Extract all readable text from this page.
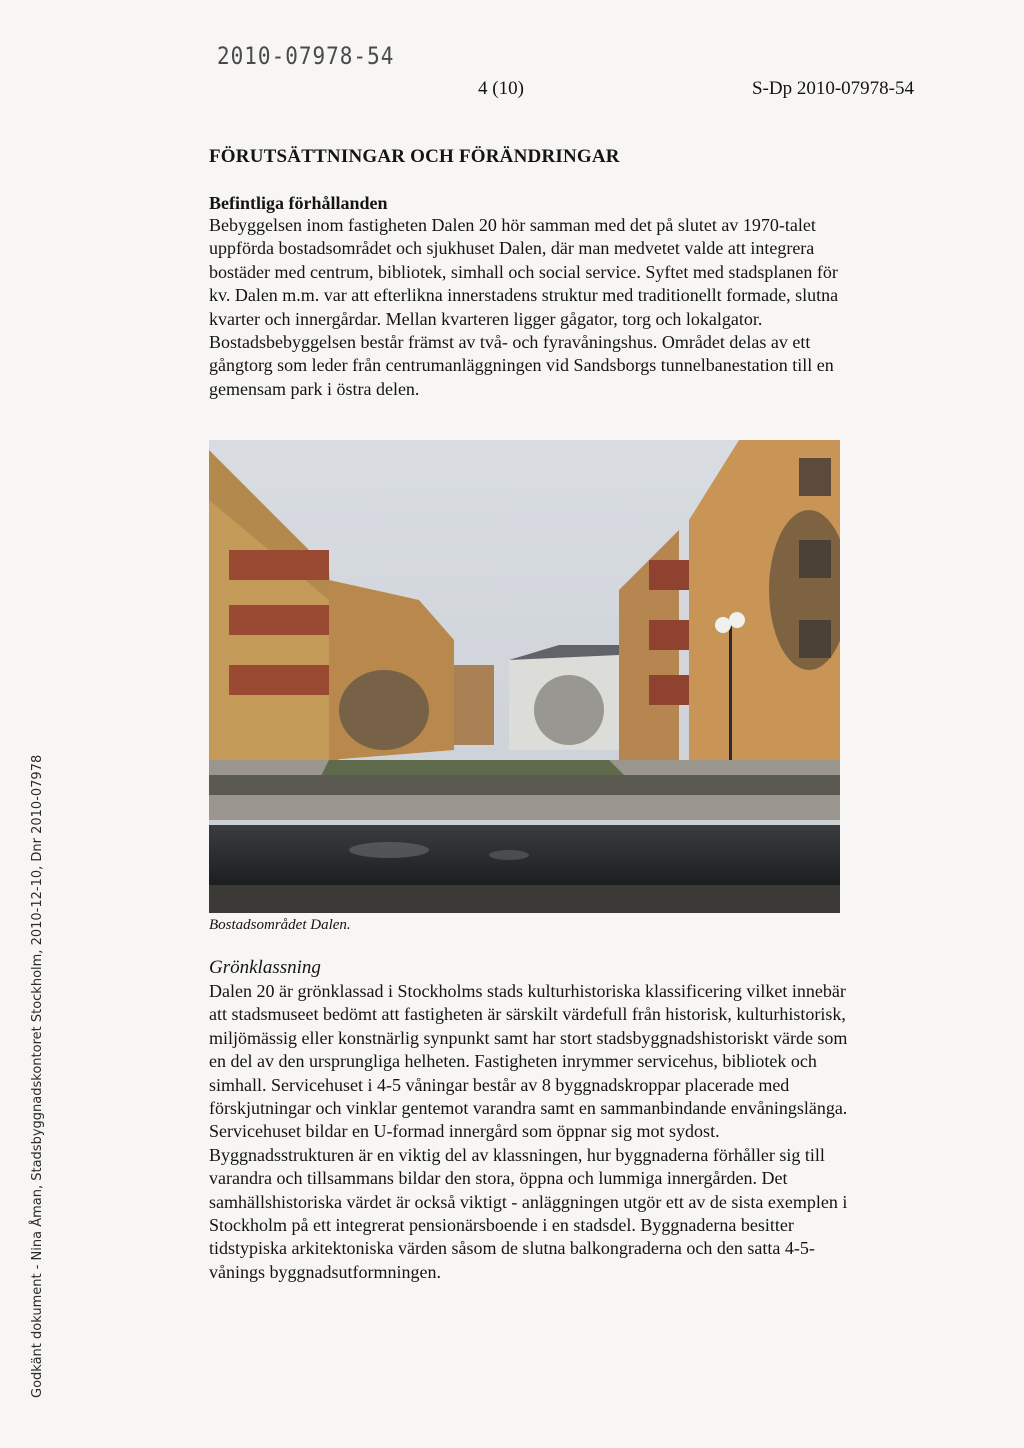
2010-07978-54
4 (10)	S-Dp 2010-07978-54
FÖRUTSÄTTNINGAR OCH FÖRÄNDRINGAR
Befintliga förhållanden

Bebyggelsen inom fastigheten Dalen 20 hör samman med det på slutet av 1970-talet uppförda bostadsområdet och sjukhuset Dalen, där man medvetet valde att integrera bostäder med centrum, bibliotek, simhall och social service. Syftet med stadsplanen för kv. Dalen m.m. var att efterlikna innerstadens struktur med traditionellt formade, slutna kvarter och innergårdar. Mellan kvarteren ligger gågator, torg och lokalgator. Bostadsbebyggelsen består främst av två- och fyravåningshus. Området delas av ett gångtorg som leder från centrumanläggningen vid Sandsborgs tunnelbanestation till en gemensam park i östra delen.

Bostadsområdet Dalen.
Grönklassning

Dalen 20 är grönklassad i Stockholms stads kulturhistoriska klassificering vilket innebär att stadsmuseet bedömt att fastigheten är särskilt värdefull från historisk, kulturhistorisk, miljömässig eller konstnärlig synpunkt samt har stort stadsbyggnadshistoriskt värde som en del av den ursprungliga helheten. Fastigheten inrymmer servicehus, bibliotek och simhall. Servicehuset i 4-5 våningar består av 8 byggnadskroppar placerade med förskjutningar och vinklar gentemot varandra samt en sammanbindande envåningslänga. Servicehuset bildar en U-formad innergård som öppnar sig mot sydost. Byggnadsstrukturen är en viktig del av klassningen, hur byggnaderna förhåller sig till varandra och tillsammans bildar den stora, öppna och lummiga innergården. Det samhällshistoriska värdet är också viktigt - anläggningen utgör ett av de sista exemplen i Stockholm på ett integrerat pensionärsboende i en stadsdel. Byggnaderna besitter tidstypiska arkitektoniska värden såsom de slutna balkongraderna och den satta 4-5-vånings byggnadsutformningen.

Godkänt dokument - Nina Åman, Stadsbyggnadskontoret Stockholm, 2010-12-10, Dnr 2010-07978
